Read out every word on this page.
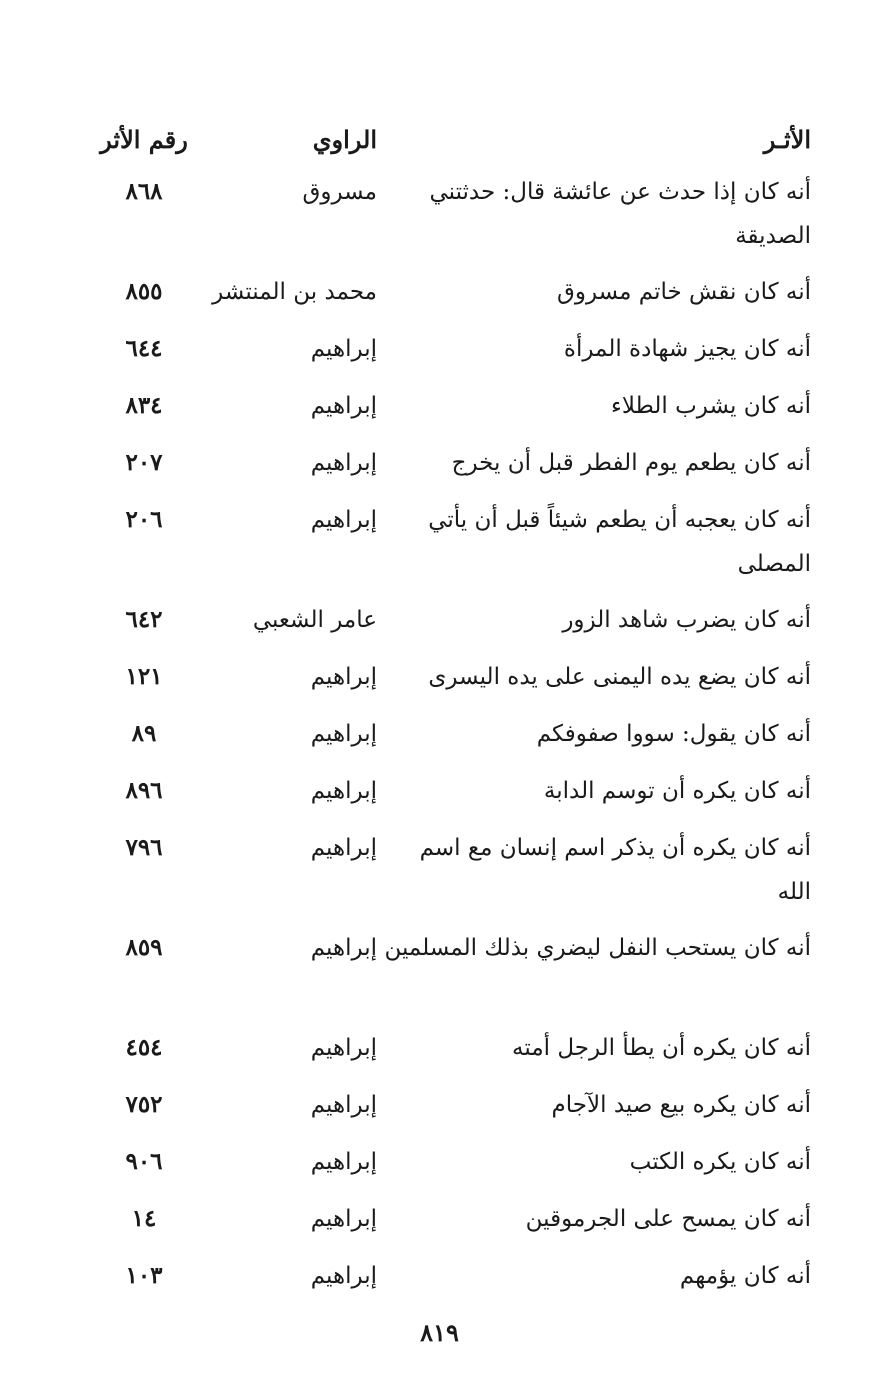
الأثـر
الراوي
رقم الأثر
أنه كان إذا حدث عن عائشة قال: حدثتني الصديقة
مسروق
٨٦٨
أنه كان نقش خاتم مسروق
محمد بن المنتشر
٨٥٥
أنه كان يجيز شهادة المرأة
إبراهيم
٦٤٤
أنه كان يشرب الطلاء
إبراهيم
٨٣٤
أنه كان يطعم يوم الفطر قبل أن يخرج
إبراهيم
٢٠٧
أنه كان يعجبه أن يطعم شيئاً قبل أن يأتي المصلى
إبراهيم
٢٠٦
أنه كان يضرب شاهد الزور
عامر الشعبي
٦٤٢
أنه كان يضع يده اليمنى على يده اليسرى
إبراهيم
١٢١
أنه كان يقول: سووا صفوفكم
إبراهيم
٨٩
أنه كان يكره أن توسم الدابة
إبراهيم
٨٩٦
أنه كان يكره أن يذكر اسم إنسان مع اسم الله
إبراهيم
٧٩٦
أنه كان يستحب النفل ليضري بذلك المسلمين
إبراهيم
٨٥٩
أنه كان يكره أن يطأ الرجل أمته
إبراهيم
٤٥٤
أنه كان يكره بيع صيد الآجام
إبراهيم
٧٥٢
أنه كان يكره الكتب
إبراهيم
٩٠٦
أنه كان يمسح على الجرموقين
إبراهيم
١٤
أنه كان يؤمهم
إبراهيم
١٠٣
٨١٩
